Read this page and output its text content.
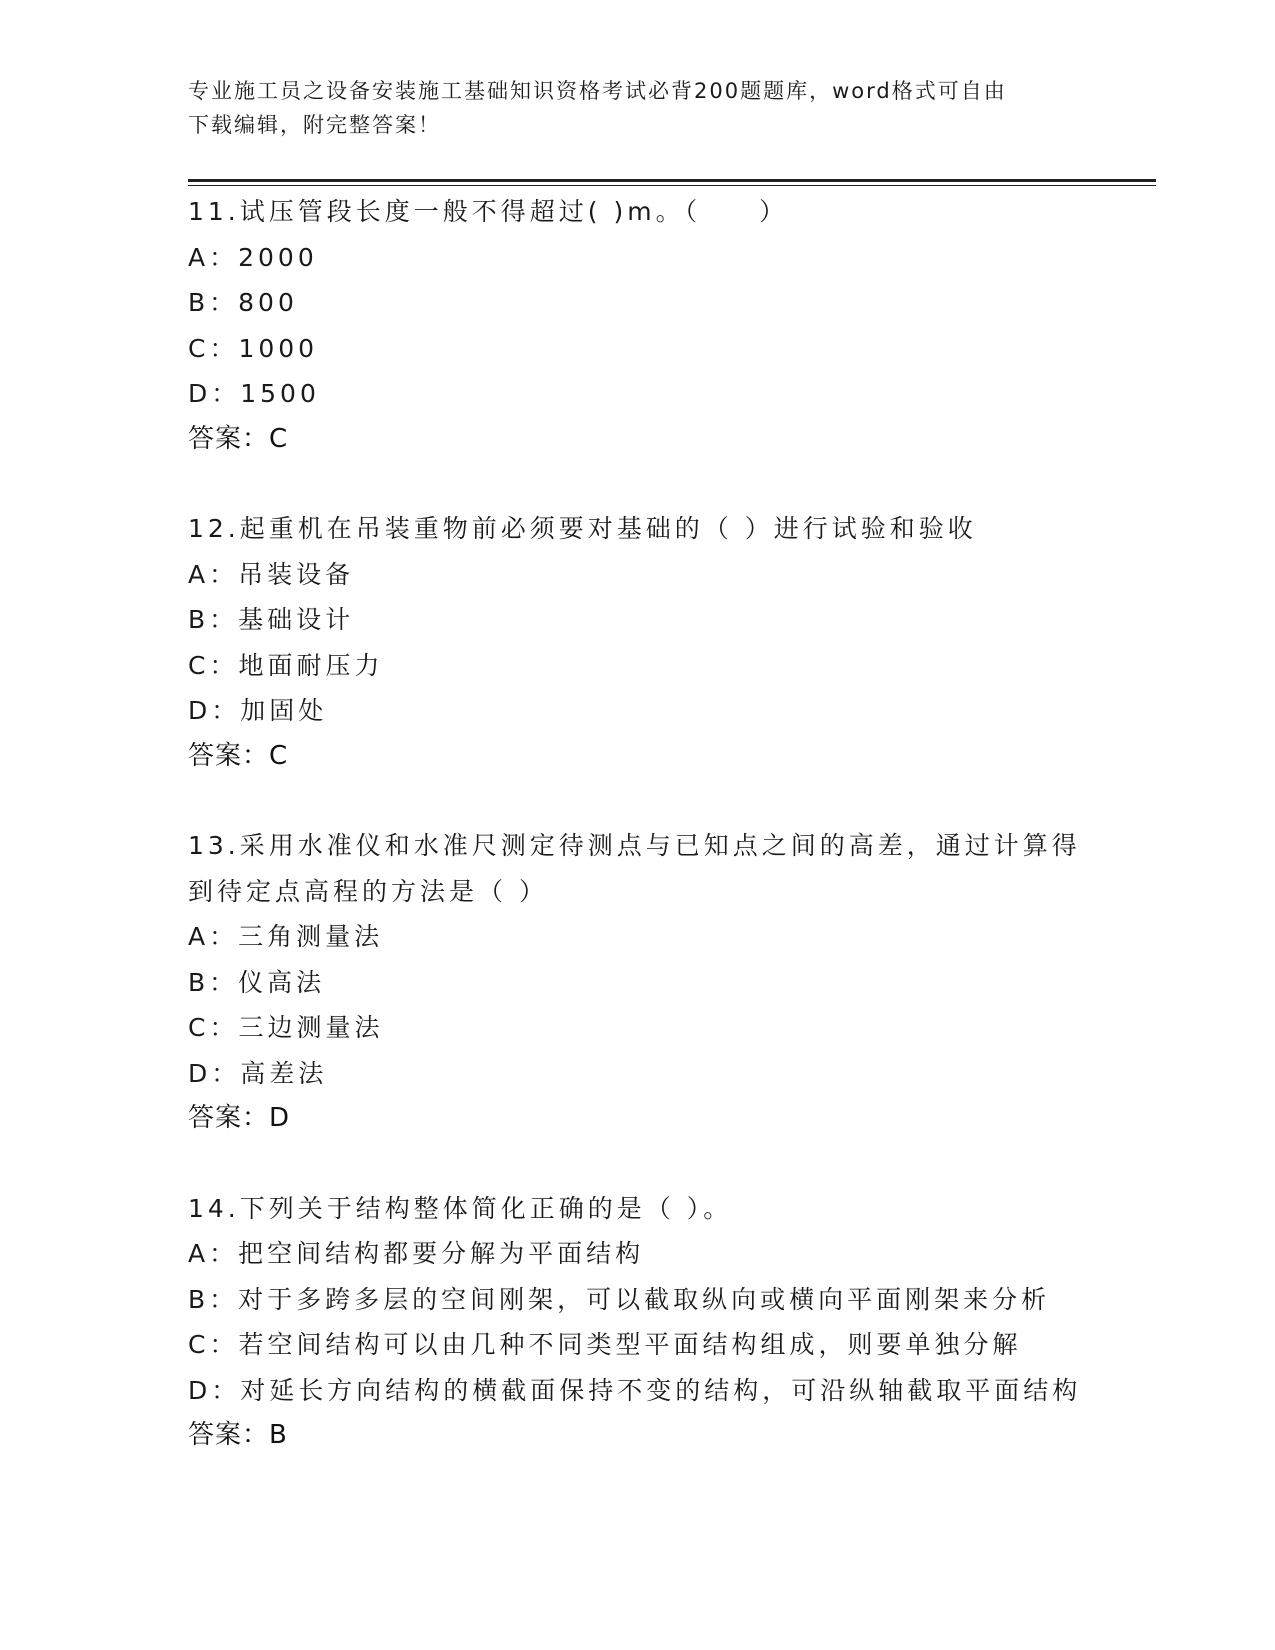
专业施工员之设备安装施工基础知识资格考试必背200题题库，word格式可自由
下载编辑，附完整答案！
11.试压管段长度一般不得超过( )m。（　　）
A：2000
B：800
C：1000
D：1500
答案：C
12.起重机在吊装重物前必须要对基础的（ ）进行试验和验收
A：吊装设备
B：基础设计
C：地面耐压力
D：加固处
答案：C
13.采用水准仪和水准尺测定待测点与已知点之间的高差，通过计算得
到待定点高程的方法是（ ）
A：三角测量法
B：仪高法
C：三边测量法
D：高差法
答案：D
14.下列关于结构整体简化正确的是（ ）。
A：把空间结构都要分解为平面结构
B：对于多跨多层的空间刚架，可以截取纵向或横向平面刚架来分析
C：若空间结构可以由几种不同类型平面结构组成，则要单独分解
D：对延长方向结构的横截面保持不变的结构，可沿纵轴截取平面结构
答案：B
